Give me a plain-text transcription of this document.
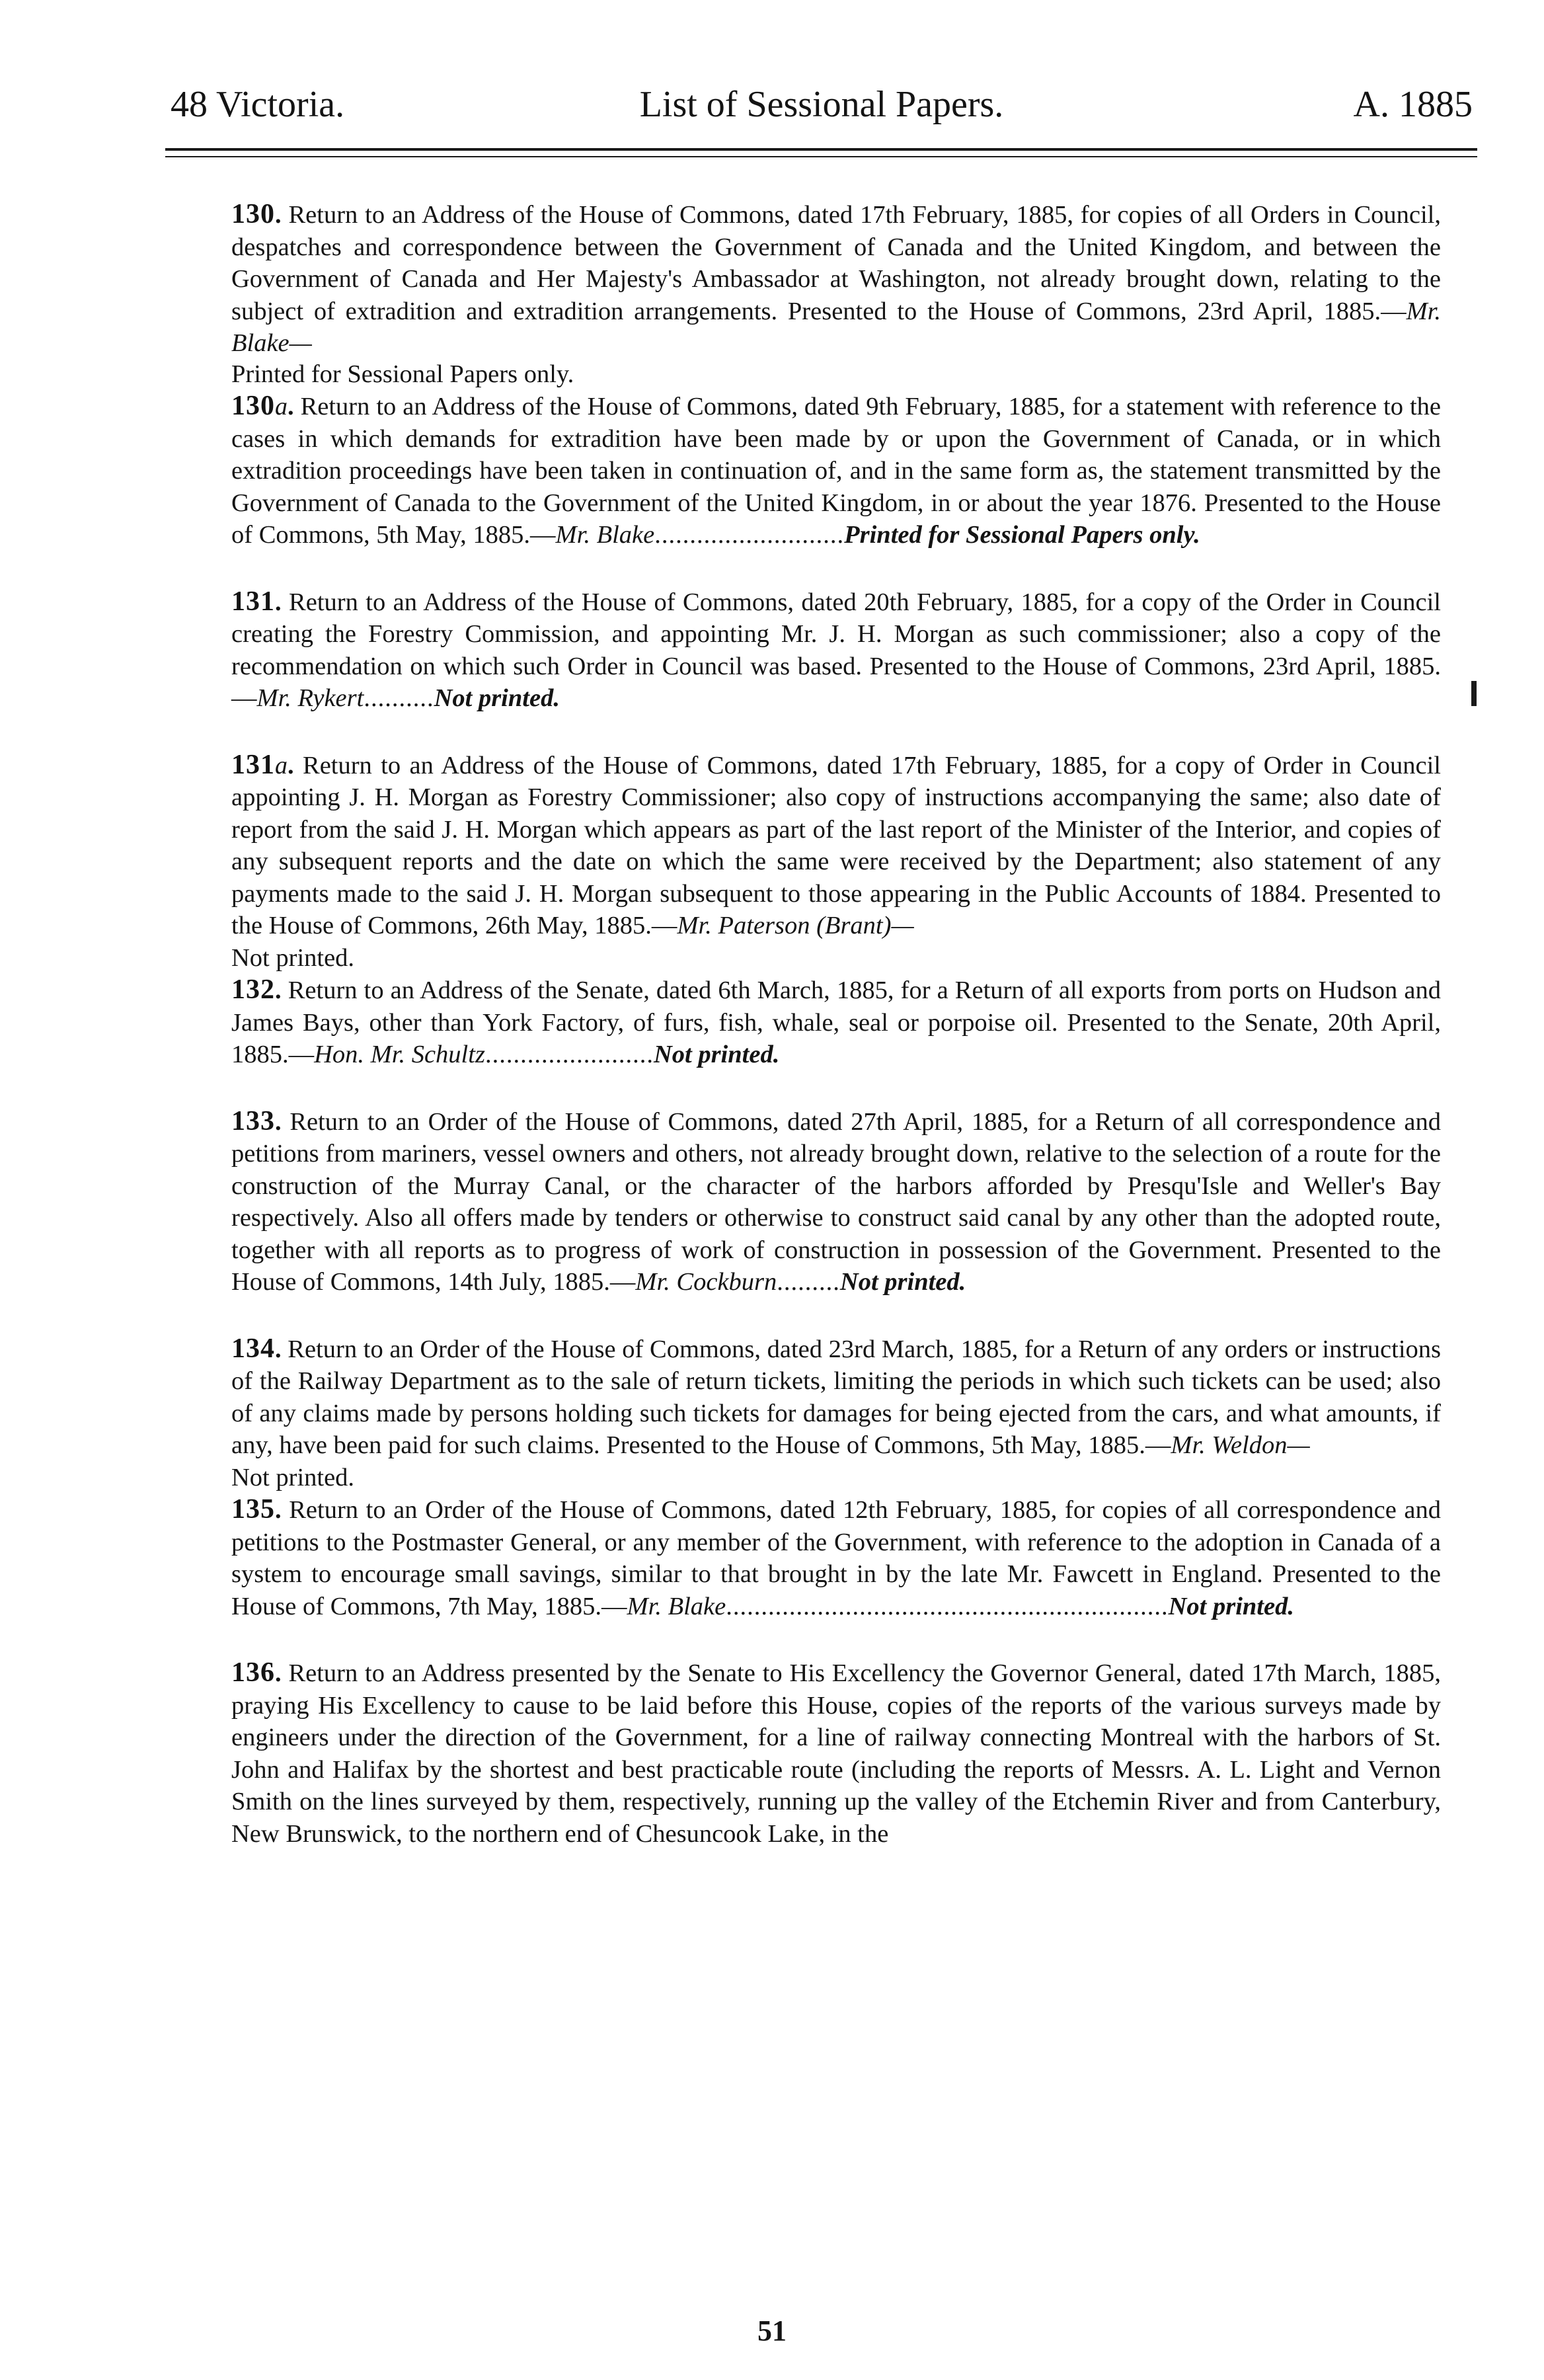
48 Victoria.	List of Sessional Papers.	A. 1885

130. Return to an Address of the House of Commons, dated 17th February, 1885, for copies of all Orders in Council, despatches and correspondence between the Government of Canada and the United Kingdom, and between the Government of Canada and Her Majesty's Ambassador at Washington, not already brought down, relating to the subject of extradition and extradition arrangements. Presented to the House of Commons, 23rd April, 1885.—Mr. Blake—

Printed for Sessional Papers only.

130a. Return to an Address of the House of Commons, dated 9th February, 1885, for a statement with reference to the cases in which demands for extradition have been made by or upon the Government of Canada, or in which extradition proceedings have been taken in continuation of, and in the same form as, the statement transmitted by the Government of Canada to the Government of the United Kingdom, in or about the year 1876. Presented to the House of Commons, 5th May, 1885.—Mr. Blake...........................Printed for Sessional Papers only.

131. Return to an Address of the House of Commons, dated 20th February, 1885, for a copy of the Order in Council creating the Forestry Commission, and appointing Mr. J. H. Morgan as such commissioner; also a copy of the recommendation on which such Order in Council was based. Presented to the House of Commons, 23rd April, 1885.—Mr. Rykert..........Not printed.

131a. Return to an Address of the House of Commons, dated 17th February, 1885, for a copy of Order in Council appointing J. H. Morgan as Forestry Commissioner; also copy of instructions accompanying the same; also date of report from the said J. H. Morgan which appears as part of the last report of the Minister of the Interior, and copies of any subsequent reports and the date on which the same were received by the Department; also statement of any payments made to the said J. H. Morgan subsequent to those appearing in the Public Accounts of 1884. Presented to the House of Commons, 26th May, 1885.—Mr. Paterson (Brant)—

Not printed.

132. Return to an Address of the Senate, dated 6th March, 1885, for a Return of all exports from ports on Hudson and James Bays, other than York Factory, of furs, fish, whale, seal or porpoise oil. Presented to the Senate, 20th April, 1885.—Hon. Mr. Schultz........................Not printed.

133. Return to an Order of the House of Commons, dated 27th April, 1885, for a Return of all correspondence and petitions from mariners, vessel owners and others, not already brought down, relative to the selection of a route for the construction of the Murray Canal, or the character of the harbors afforded by Presqu'Isle and Weller's Bay respectively. Also all offers made by tenders or otherwise to construct said canal by any other than the adopted route, together with all reports as to progress of work of construction in possession of the Government. Presented to the House of Commons, 14th July, 1885.—Mr. Cockburn.........Not printed.

134. Return to an Order of the House of Commons, dated 23rd March, 1885, for a Return of any orders or instructions of the Railway Department as to the sale of return tickets, limiting the periods in which such tickets can be used; also of any claims made by persons holding such tickets for damages for being ejected from the cars, and what amounts, if any, have been paid for such claims. Presented to the House of Commons, 5th May, 1885.—Mr. Weldon—

Not printed.

135. Return to an Order of the House of Commons, dated 12th February, 1885, for copies of all correspondence and petitions to the Postmaster General, or any member of the Government, with reference to the adoption in Canada of a system to encourage small savings, similar to that brought in by the late Mr. Fawcett in England. Presented to the House of Commons, 7th May, 1885.—Mr. Blake...............................................................Not printed.

136. Return to an Address presented by the Senate to His Excellency the Governor General, dated 17th March, 1885, praying His Excellency to cause to be laid before this House, copies of the reports of the various surveys made by engineers under the direction of the Government, for a line of railway connecting Montreal with the harbors of St. John and Halifax by the shortest and best practicable route (including the reports of Messrs. A. L. Light and Vernon Smith on the lines surveyed by them, respectively, running up the valley of the Etchemin River and from Canterbury, New Brunswick, to the northern end of Chesuncook Lake, in the

51
